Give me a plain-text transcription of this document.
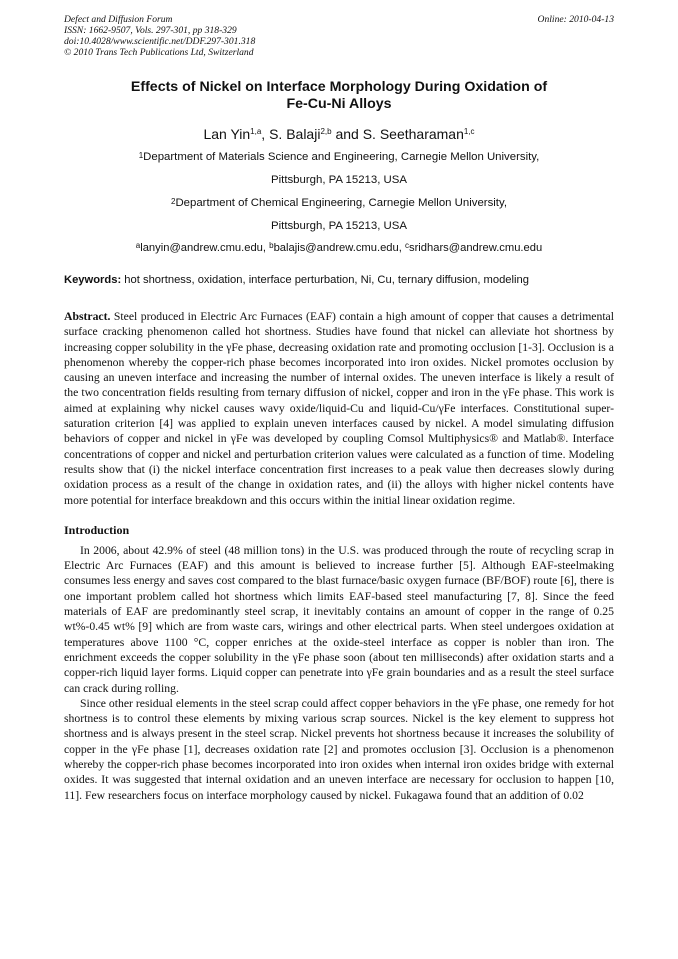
Defect and Diffusion Forum
ISSN: 1662-9507, Vols. 297-301, pp 318-329
doi:10.4028/www.scientific.net/DDF.297-301.318
© 2010 Trans Tech Publications Ltd, Switzerland
Online: 2010-04-13
Effects of Nickel on Interface Morphology During Oxidation of
Fe-Cu-Ni Alloys
Lan Yin$^{1,a}$, S. Balaji$^{2,b}$ and S. Seetharaman$^{1,c}$
$^1$Department of Materials Science and Engineering, Carnegie Mellon University,
Pittsburgh, PA 15213, USA
$^2$Department of Chemical Engineering, Carnegie Mellon University,
Pittsburgh, PA 15213, USA
$^a$lanyin@andrew.cmu.edu, $^b$balajis@andrew.cmu.edu, $^c$sridhars@andrew.cmu.edu
Keywords: hot shortness, oxidation, interface perturbation, Ni, Cu, ternary diffusion, modeling
Abstract. Steel produced in Electric Arc Furnaces (EAF) contain a high amount of copper that causes a detrimental surface cracking phenomenon called hot shortness. Studies have found that nickel can alleviate hot shortness by increasing copper solubility in the γFe phase, decreasing oxidation rate and promoting occlusion [1-3]. Occlusion is a phenomenon whereby the copper-rich phase becomes incorporated into iron oxides. Nickel promotes occlusion by causing an uneven interface and increasing the number of internal oxides. The uneven interface is likely a result of the two concentration fields resulting from ternary diffusion of nickel, copper and iron in the γFe phase. This work is aimed at explaining why nickel causes wavy oxide/liquid-Cu and liquid-Cu/γFe interfaces. Constitutional super-saturation criterion [4] was applied to explain uneven interfaces caused by nickel. A model simulating diffusion behaviors of copper and nickel in γFe was developed by coupling Comsol Multiphysics® and Matlab®. Interface concentrations of copper and nickel and perturbation criterion values were calculated as a function of time. Modeling results show that (i) the nickel interface concentration first increases to a peak value then decreases slowly during oxidation process as a result of the change in oxidation rates, and (ii) the alloys with higher nickel contents have more potential for interface breakdown and this occurs within the initial linear oxidation regime.
Introduction
In 2006, about 42.9% of steel (48 million tons) in the U.S. was produced through the route of recycling scrap in Electric Arc Furnaces (EAF) and this amount is believed to increase further [5]. Although EAF-steelmaking consumes less energy and saves cost compared to the blast furnace/basic oxygen furnace (BF/BOF) route [6], there is one important problem called hot shortness which limits EAF-based steel manufacturing [7, 8]. Since the feed materials of EAF are predominantly steel scrap, it inevitably contains an amount of copper in the range of 0.25 wt%-0.45 wt% [9] which are from waste cars, wirings and other electrical parts. When steel undergoes oxidation at temperatures above 1100 °C, copper enriches at the oxide-steel interface as copper is nobler than iron. The enrichment exceeds the copper solubility in the γFe phase soon (about ten milliseconds) after oxidation starts and a copper-rich liquid layer forms. Liquid copper can penetrate into γFe grain boundaries and as a result the steel surface can crack during rolling.
Since other residual elements in the steel scrap could affect copper behaviors in the γFe phase, one remedy for hot shortness is to control these elements by mixing various scrap sources. Nickel is the key element to suppress hot shortness and is always present in the steel scrap. Nickel prevents hot shortness because it increases the solubility of copper in the γFe phase [1], decreases oxidation rate [2] and promotes occlusion [3]. Occlusion is a phenomenon whereby the copper-rich phase becomes incorporated into iron oxides when internal iron oxides bridge with external oxides. It was suggested that internal oxidation and an uneven interface are necessary for occlusion to happen [10, 11]. Few researchers focus on interface morphology caused by nickel. Fukagawa found that an addition of 0.02
